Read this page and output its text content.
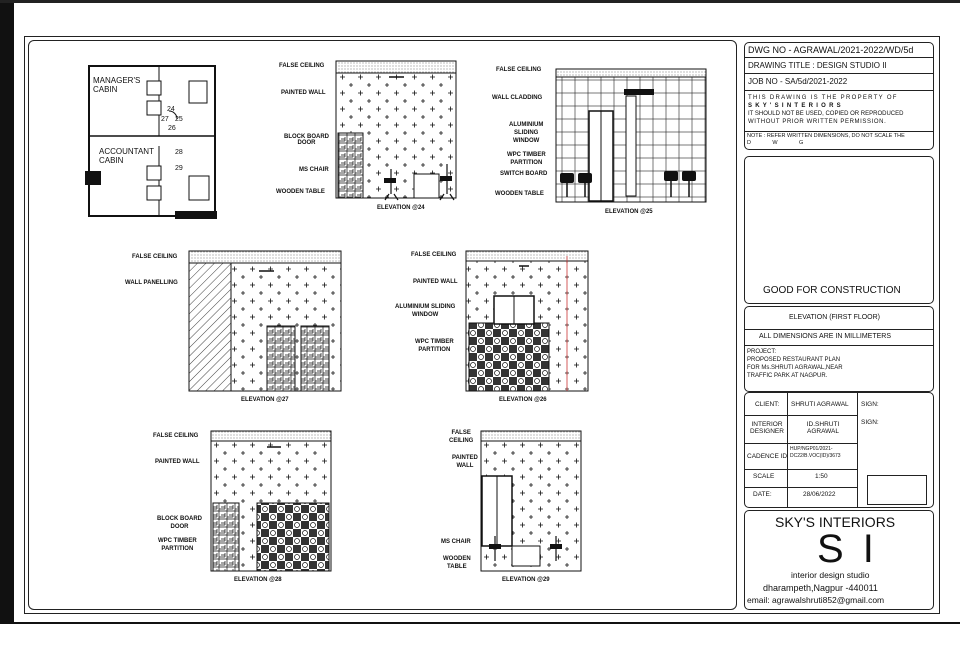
MANAGER'S
CABIN
ACCOUNTANT
CABIN
24
27 25
26
28
29
FALSE CEILING
PAINTED WALL
BLOCK BOARD
DOOR
MS CHAIR
WOODEN TABLE
ELEVATION @24
FALSE CEILING
WALL CLADDING
ALUMINIUM
SLIDING
WINDOW
WPC TIMBER
PARTITION
SWITCH BOARD
WOODEN TABLE
ELEVATION @25
FALSE CEILING
WALL PANELLING
ELEVATION @27
FALSE CEILING
PAINTED WALL
ALUMINIUM SLIDING
WINDOW
WPC TIMBER
PARTITION
ELEVATION @26
FALSE CEILING
PAINTED WALL
BLOCK BOARD
DOOR
WPC TIMBER
PARTITION
ELEVATION @28
FALSE
CEILING
PAINTED
WALL
MS CHAIR
WOODEN
TABLE
ELEVATION @29
DWG NO - AGRAWAL/2021-2022/WD/5d
DRAWING TITLE : DESIGN STUDIO II
JOB NO - SA/5d/2021-2022
THIS DRAWING IS THE PROPERTY OF
S K Y ' S I N T E R I O R S
IT SHOULD NOT BE USED, COPIED OR REPRODUCED
WITHOUT PRIOR WRITTEN PERMISSION.
NOTE : REFER WRITTEN DIMENSIONS, DO NOT SCALE THE
D              W              G
GOOD FOR CONSTRUCTION
ELEVATION (FIRST FLOOR)
ALL DIMENSIONS ARE IN MILLIMETERS
PROJECT:
PROPOSED RESTAURANT PLAN
FOR Ms.SHRUTI AGRAWAL,NEAR
TRAFFIC PARK AT NAGPUR.
CLIENT: SHRUTI AGRAWAL SIGN:
INTERIOR DESIGNER
ID.SHRUTI AGRAWAL
SIGN:
CADENCE ID
HUP/NGP01/2021-DC22/B.VOC(ID)/3673
SCALE	1:50
DATE:	28/06/2022
SKY'S INTERIORS
S I
interior design studio
dharampeth,Nagpur -440011
email: agrawalshruti852@gmail.com
